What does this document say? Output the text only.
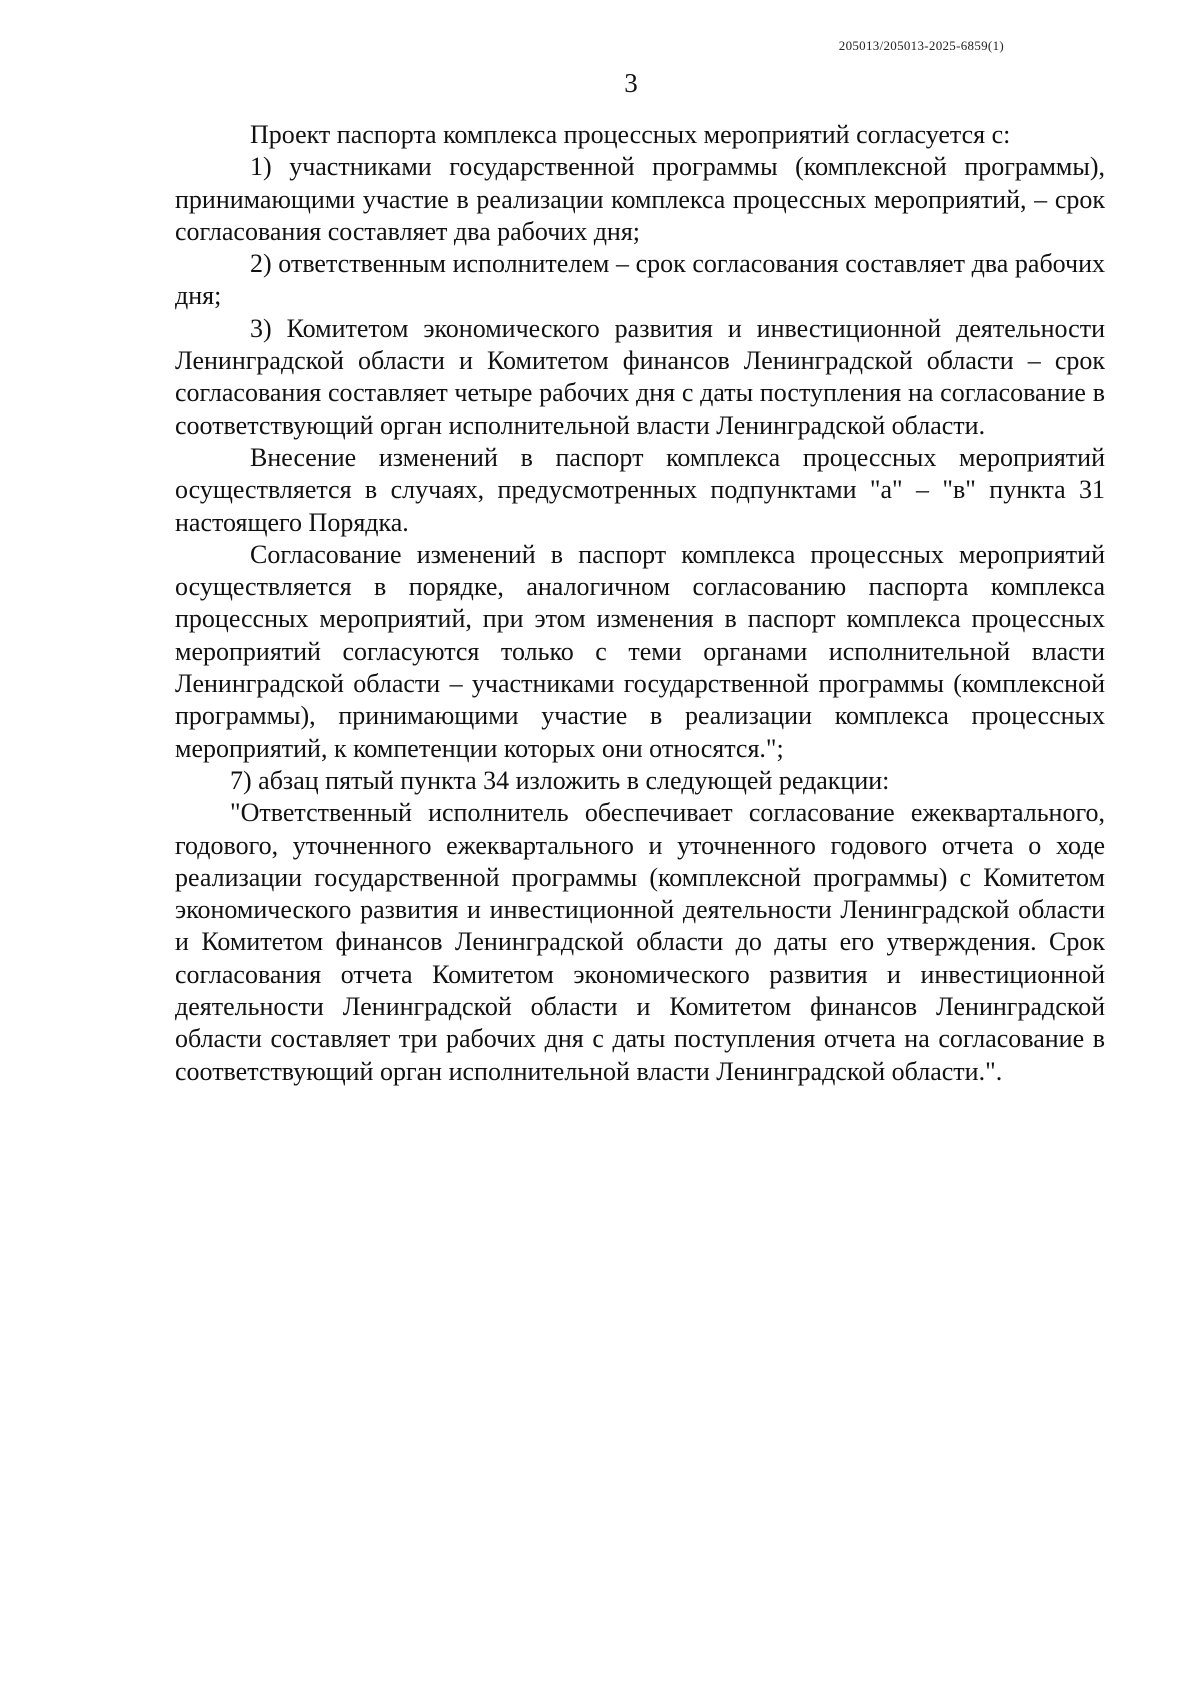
205013/205013-2025-6859(1)
3

Проект паспорта комплекса процессных мероприятий согласуется с:

1) участниками государственной программы (комплексной программы), принимающими участие в реализации комплекса процессных мероприятий, – срок согласования составляет два рабочих дня;

2) ответственным исполнителем – срок согласования составляет два рабочих дня;

3) Комитетом экономического развития и инвестиционной деятельности Ленинградской области и Комитетом финансов Ленинградской области – срок согласования составляет четыре рабочих дня с даты поступления на согласование в соответствующий орган исполнительной власти Ленинградской области.

Внесение изменений в паспорт комплекса процессных мероприятий осуществляется в случаях, предусмотренных подпунктами "а" – "в" пункта 31 настоящего Порядка.

Согласование изменений в паспорт комплекса процессных мероприятий осуществляется в порядке, аналогичном согласованию паспорта комплекса процессных мероприятий, при этом изменения в паспорт комплекса процессных мероприятий согласуются только с теми органами исполнительной власти Ленинградской области – участниками государственной программы (комплексной программы), принимающими участие в реализации комплекса процессных мероприятий, к компетенции которых они относятся.";

7) абзац пятый пункта 34 изложить в следующей редакции:

"Ответственный исполнитель обеспечивает согласование ежеквартального, годового, уточненного ежеквартального и уточненного годового отчета о ходе реализации государственной программы (комплексной программы) с Комитетом экономического развития и инвестиционной деятельности Ленинградской области и Комитетом финансов Ленинградской области до даты его утверждения. Срок согласования отчета Комитетом экономического развития и инвестиционной деятельности Ленинградской области и Комитетом финансов Ленинградской области составляет три рабочих дня с даты поступления отчета на согласование в соответствующий орган исполнительной власти Ленинградской области.".
